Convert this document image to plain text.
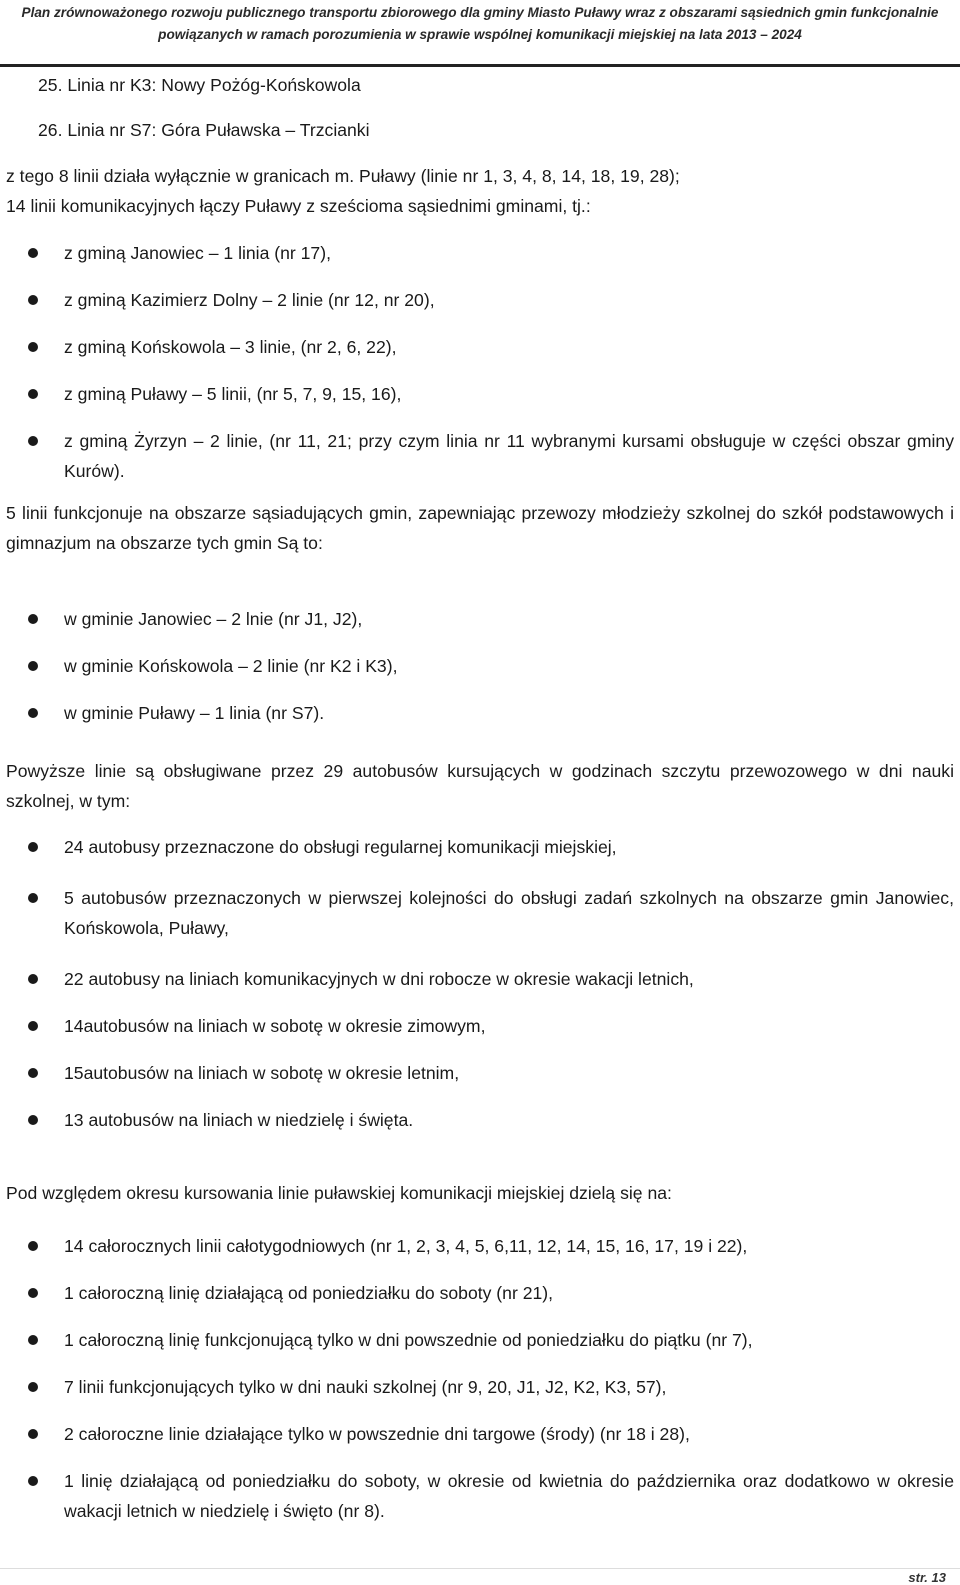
Plan zrównoważonego rozwoju publicznego transportu zbiorowego dla gminy Miasto Puławy wraz z obszarami sąsiednich gmin funkcjonalnie
powiązanych w ramach porozumienia w sprawie wspólnej komunikacji miejskiej na lata 2013 – 2024

25. Linia nr K3: Nowy Pożóg-Końskowola

26. Linia nr S7: Góra Puławska – Trzcianki

z tego 8 linii działa wyłącznie w granicach m. Puławy (linie nr 1, 3, 4, 8, 14, 18, 19, 28);

14 linii komunikacyjnych łączy Puławy z sześcioma sąsiednimi gminami, tj.:

z gminą Janowiec – 1 linia (nr 17),

z gminą Kazimierz Dolny – 2 linie (nr 12, nr 20),

z gminą Końskowola – 3 linie, (nr 2, 6, 22),

z gminą Puławy – 5 linii, (nr 5, 7, 9, 15, 16),

z gminą Żyrzyn – 2 linie, (nr 11, 21; przy czym linia nr 11 wybranymi kursami obsługuje w części obszar gminy Kurów).

5 linii funkcjonuje na obszarze sąsiadujących gmin, zapewniając przewozy młodzieży szkolnej do szkół podstawowych i gimnazjum na obszarze tych gmin Są to:

w gminie Janowiec – 2 lnie (nr J1, J2),

w gminie Końskowola – 2 linie (nr K2 i K3),

w gminie Puławy – 1 linia (nr S7).

Powyższe linie są obsługiwane przez 29 autobusów kursujących w godzinach szczytu przewozowego w dni nauki szkolnej, w tym:

24 autobusy przeznaczone do obsługi regularnej komunikacji miejskiej,

5 autobusów przeznaczonych w pierwszej kolejności do obsługi zadań szkolnych na obszarze gmin Janowiec, Końskowola, Puławy,

22 autobusy na liniach komunikacyjnych w dni robocze w okresie wakacji letnich,

14autobusów na liniach w sobotę w okresie zimowym,

15autobusów na liniach w sobotę w okresie letnim,

13 autobusów na liniach w niedzielę i święta.

Pod względem okresu kursowania linie puławskiej komunikacji miejskiej dzielą się na:

14 całorocznych linii całotygodniowych (nr 1, 2, 3, 4, 5, 6,11, 12, 14, 15, 16, 17, 19 i 22),

1 całoroczną linię działającą od poniedziałku do soboty (nr 21),

1 całoroczną linię funkcjonującą tylko w dni powszednie od poniedziałku do piątku (nr 7),

7 linii funkcjonujących tylko w dni nauki szkolnej (nr 9, 20, J1, J2, K2, K3, 57),

2 całoroczne linie działające tylko w powszednie dni targowe (środy) (nr 18 i 28),

1 linię działającą od poniedziałku do soboty, w okresie od kwietnia do października oraz dodatkowo w okresie wakacji letnich w niedzielę i święto (nr 8).

str. 13
